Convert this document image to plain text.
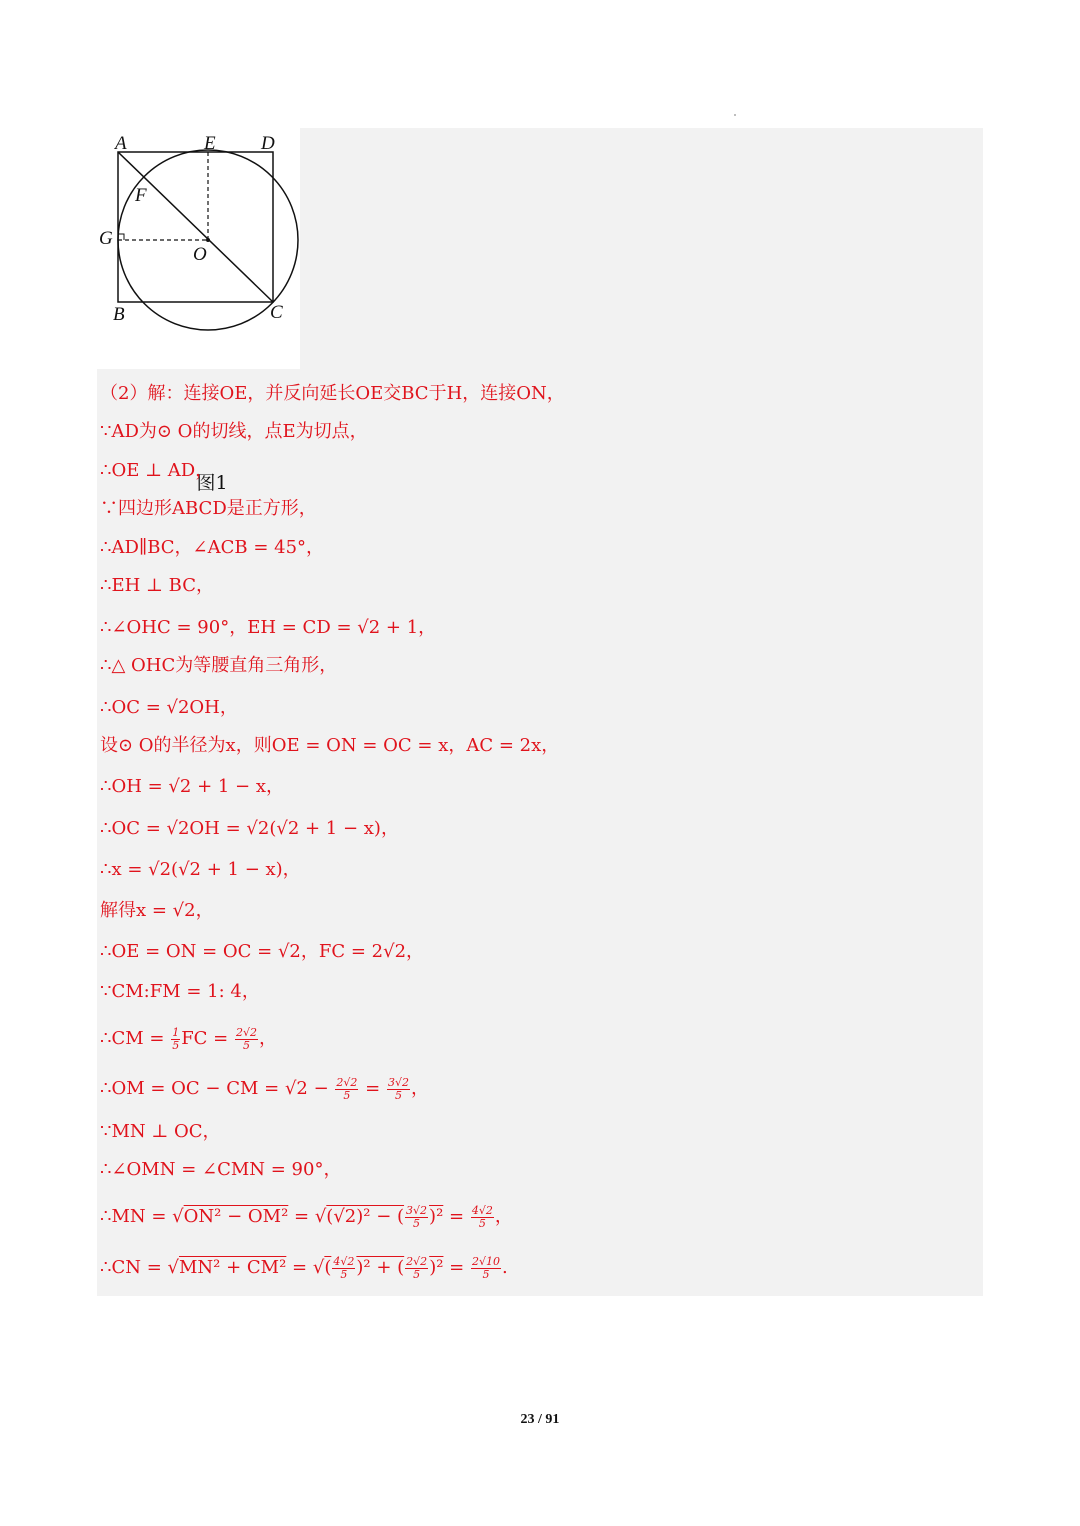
A	E D
F
G
O
B	C
图1
（2）解：连接OE，并反向延长OE交BC于H，连接ON，
∵AD为⊙ O的切线，点E为切点，
∴OE ⊥ AD，
∵四边形ABCD是正方形，
∴AD∥BC，∠ACB = 45°，
∴EH ⊥ BC，
∴∠OHC = 90°，EH = CD = √2 + 1，
∴△ OHC为等腰直角三角形，
∴OC = √2OH，
设⊙ O的半径为x，则OE = ON = OC = x，AC = 2x，
∴OH = √2 + 1 − x，
∴OC = √2OH = √2(√2 + 1 − x)，
∴x = √2(√2 + 1 − x)，
解得x = √2，
∴OE = ON = OC = √2，FC = 2√2，
∵CM:FM = 1: 4，
∴CM = $\frac{1}{5}$ FC = $\frac{2√2}{5}$ ，
∴OM = OC − CM = $√2 - \frac{2√2}{5} = \frac{3√2}{5}$ ，
∵MN ⊥ OC，
∴∠OMN = ∠CMN = 90°，
∴MN = √ON² − OM² = √(√2)² − ( $\frac{3√2}{5} )^2 = \frac{4√2}{5}$ ，
∴CN = √MN² + CM² = √( $\frac{4√2}{5} )^2$ + ( $\frac{2√2}{5} )^2 = \frac{2√10}{5}$ .
23 / 91
